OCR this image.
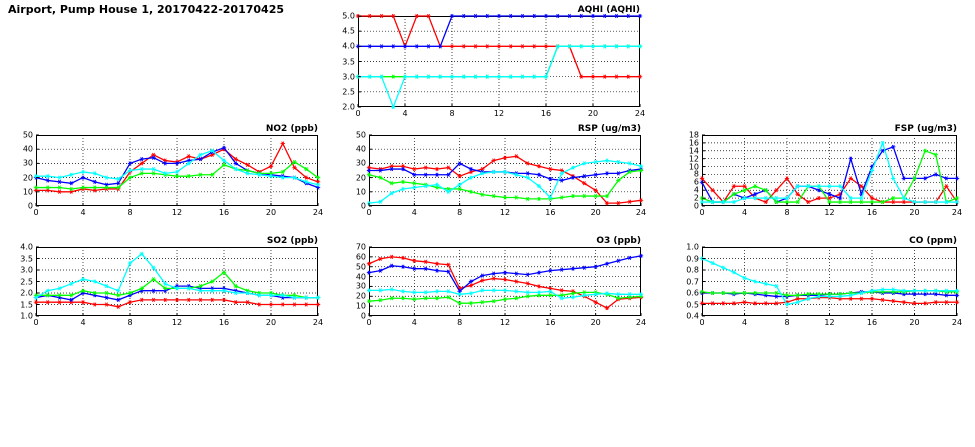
Airport, Pump House 1, 20170422-20170425
2.0
2.5
3.0
3.5
4.0
4.5
5.0
0	4	8	12	16	20	24
AQHI (AQHI)
0
10
20
30
40
50
0	4	8	12	16	20	24
NO2 (ppb)
0
10
20
30
40
50
0	4	8	12	16	20	24
RSP (ug/m3)
0
2
4
6
8
10
12
14
16
18
0	4	8	12	16	20	24
FSP (ug/m3)
1.0
1.5
2.0
2.5
3.0
3.5
4.0
0	4	8	12	16	20	24
SO2 (ppb)
0
10
20
30
40
50
60
70
0	4	8	12	16	20	24
O3 (ppb)
0.4
0.5
0.6
0.7
0.8
0.9
1.0
0	4	8	12	16	20	24
CO (ppm)
